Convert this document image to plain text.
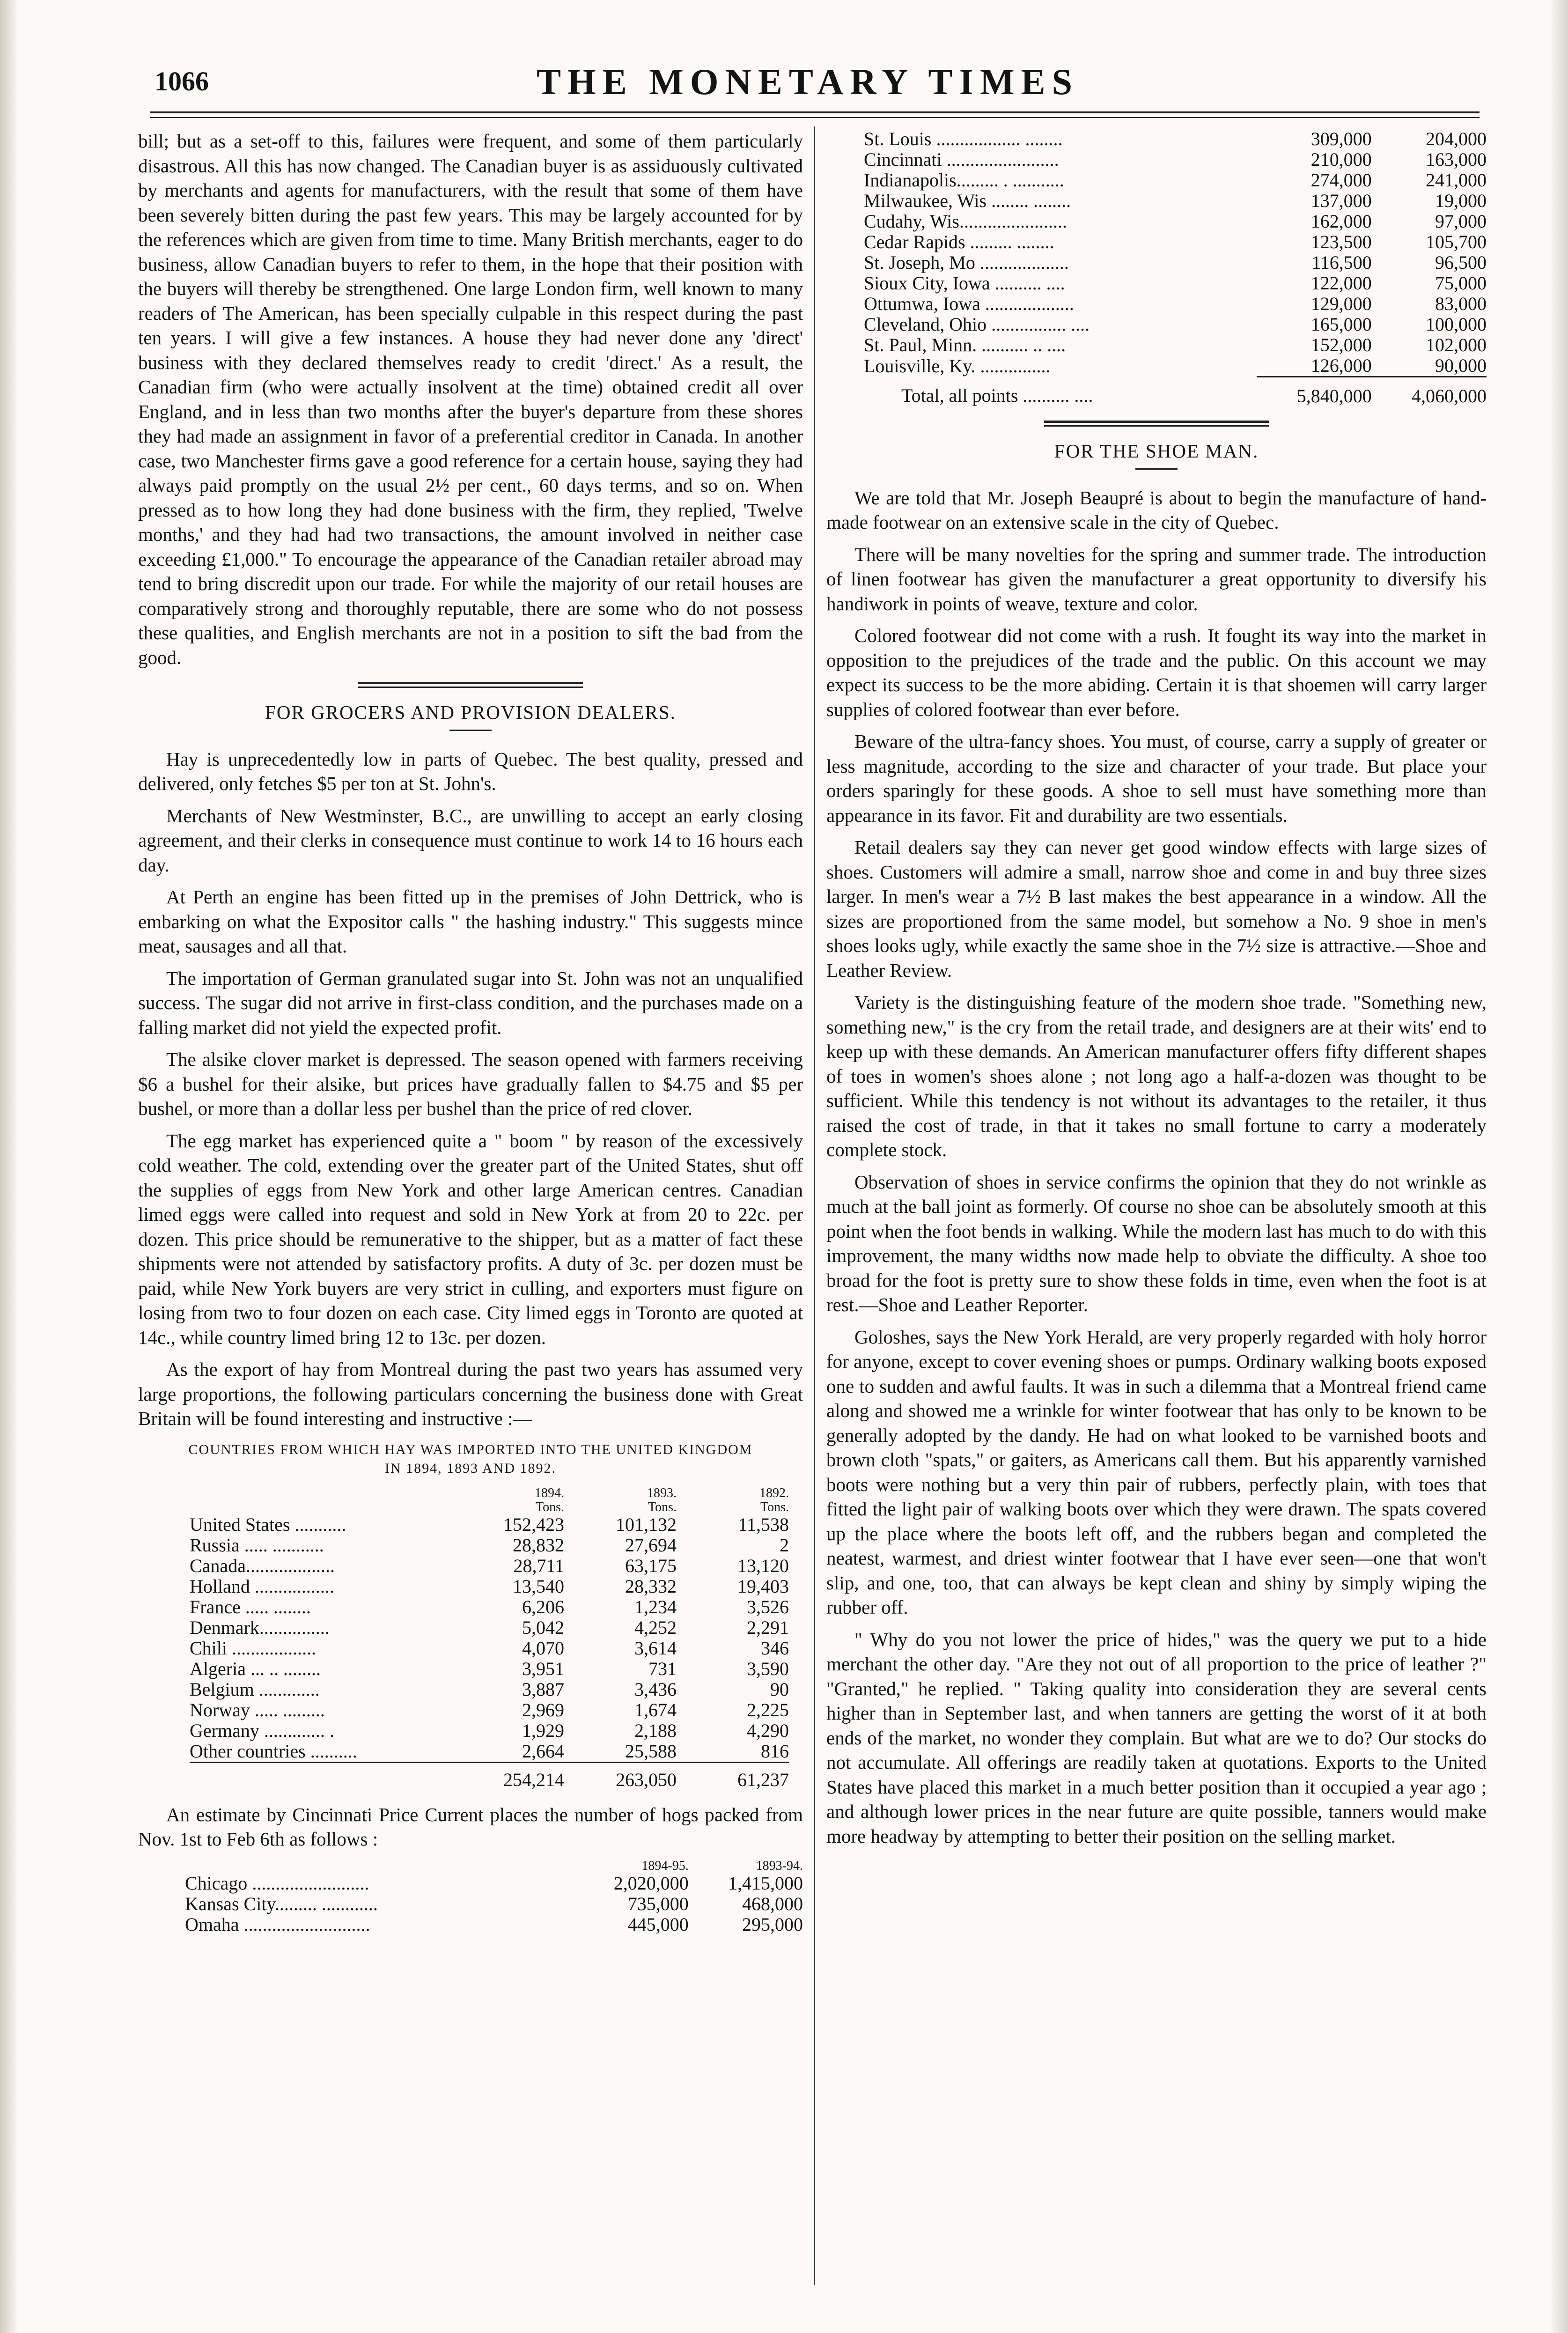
1066	THE MONETARY TIMES

bill; but as a set-off to this, failures were frequent, and some of them particularly disastrous. All this has now changed. The Canadian buyer is as assiduously cultivated by merchants and agents for manufacturers, with the result that some of them have been severely bitten during the past few years. This may be largely accounted for by the references which are given from time to time. Many British merchants, eager to do business, allow Canadian buyers to refer to them, in the hope that their position with the buyers will thereby be strengthened. One large London firm, well known to many readers of The American, has been specially culpable in this respect during the past ten years. I will give a few instances. A house they had never done any 'direct' business with they declared themselves ready to credit 'direct.' As a result, the Canadian firm (who were actually insolvent at the time) obtained credit all over England, and in less than two months after the buyer's departure from these shores they had made an assignment in favor of a preferential creditor in Canada. In another case, two Manchester firms gave a good reference for a certain house, saying they had always paid promptly on the usual 2½ per cent., 60 days terms, and so on. When pressed as to how long they had done business with the firm, they replied, 'Twelve months,' and they had had two transactions, the amount involved in neither case exceeding £1,000." To encourage the appearance of the Canadian retailer abroad may tend to bring discredit upon our trade. For while the majority of our retail houses are comparatively strong and thoroughly reputable, there are some who do not possess these qualities, and English merchants are not in a position to sift the bad from the good.

FOR GROCERS AND PROVISION DEALERS.

Hay is unprecedentedly low in parts of Quebec. The best quality, pressed and delivered, only fetches $5 per ton at St. John's.

Merchants of New Westminster, B.C., are unwilling to accept an early closing agreement, and their clerks in consequence must continue to work 14 to 16 hours each day.

At Perth an engine has been fitted up in the premises of John Dettrick, who is embarking on what the Expositor calls " the hashing industry." This suggests mince meat, sausages and all that.

The importation of German granulated sugar into St. John was not an unqualified success. The sugar did not arrive in first-class condition, and the purchases made on a falling market did not yield the expected profit.

The alsike clover market is depressed. The season opened with farmers receiving $6 a bushel for their alsike, but prices have gradually fallen to $4.75 and $5 per bushel, or more than a dollar less per bushel than the price of red clover.

The egg market has experienced quite a " boom " by reason of the excessively cold weather. The cold, extending over the greater part of the United States, shut off the supplies of eggs from New York and other large American centres. Canadian limed eggs were called into request and sold in New York at from 20 to 22c. per dozen. This price should be remunerative to the shipper, but as a matter of fact these shipments were not attended by satisfactory profits. A duty of 3c. per dozen must be paid, while New York buyers are very strict in culling, and exporters must figure on losing from two to four dozen on each case. City limed eggs in Toronto are quoted at 14c., while country limed bring 12 to 13c. per dozen.

As the export of hay from Montreal during the past two years has assumed very large proportions, the following particulars concerning the business done with Great Britain will be found interesting and instructive :—

COUNTRIES FROM WHICH HAY WAS IMPORTED INTO THE UNITED KINGDOM
IN 1894, 1893 AND 1892.
	1894.	1893.	1892.
	Tons.	Tons.	Tons.
United States ...........	152,423	101,132	11,538
Russia ..... ...........	28,832	27,694	2
Canada...................	28,711	63,175	13,120
Holland .................	13,540	28,332	19,403
France ..... ........	6,206	1,234	3,526
Denmark...............	5,042	4,252	2,291
Chili ..................	4,070	3,614	346
Algeria ... .. ........	3,951	731	3,590
Belgium .............	3,887	3,436	90
Norway ..... .........	2,969	1,674	2,225
Germany ............. .	1,929	2,188	4,290
Other countries ..........	2,664	25,588	816
	254,214	263,050	61,237

An estimate by Cincinnati Price Current places the number of hogs packed from Nov. 1st to Feb 6th as follows :

	1894-95.	1893-94.
Chicago .........................	2,020,000	1,415,000
Kansas City......... ............	735,000	468,000
Omaha ...........................	445,000	295,000
St. Louis .................. ........	309,000	204,000
Cincinnati ........................	210,000	163,000
Indianapolis......... . ...........	274,000	241,000
Milwaukee, Wis ........ ........	137,000	19,000
Cudahy, Wis.......................	162,000	97,000
Cedar Rapids ......... ........	123,500	105,700
St. Joseph, Mo ...................	116,500	96,500
Sioux City, Iowa .......... ....	122,000	75,000
Ottumwa, Iowa ...................	129,000	83,000
Cleveland, Ohio ................ ....	165,000	100,000
St. Paul, Minn. .......... .. ....	152,000	102,000
Louisville, Ky. ...............	126,000	90,000
Total, all points .......... ....	5,840,000	4,060,000
FOR THE SHOE MAN.

We are told that Mr. Joseph Beaupré is about to begin the manufacture of hand-made footwear on an extensive scale in the city of Quebec.

There will be many novelties for the spring and summer trade. The introduction of linen footwear has given the manufacturer a great opportunity to diversify his handiwork in points of weave, texture and color.

Colored footwear did not come with a rush. It fought its way into the market in opposition to the prejudices of the trade and the public. On this account we may expect its success to be the more abiding. Certain it is that shoemen will carry larger supplies of colored footwear than ever before.

Beware of the ultra-fancy shoes. You must, of course, carry a supply of greater or less magnitude, according to the size and character of your trade. But place your orders sparingly for these goods. A shoe to sell must have something more than appearance in its favor. Fit and durability are two essentials.

Retail dealers say they can never get good window effects with large sizes of shoes. Customers will admire a small, narrow shoe and come in and buy three sizes larger. In men's wear a 7½ B last makes the best appearance in a window. All the sizes are proportioned from the same model, but somehow a No. 9 shoe in men's shoes looks ugly, while exactly the same shoe in the 7½ size is attractive.—Shoe and Leather Review.

Variety is the distinguishing feature of the modern shoe trade. "Something new, something new," is the cry from the retail trade, and designers are at their wits' end to keep up with these demands. An American manufacturer offers fifty different shapes of toes in women's shoes alone ; not long ago a half-a-dozen was thought to be sufficient. While this tendency is not without its advantages to the retailer, it thus raised the cost of trade, in that it takes no small fortune to carry a moderately complete stock.

Observation of shoes in service confirms the opinion that they do not wrinkle as much at the ball joint as formerly. Of course no shoe can be absolutely smooth at this point when the foot bends in walking. While the modern last has much to do with this improvement, the many widths now made help to obviate the difficulty. A shoe too broad for the foot is pretty sure to show these folds in time, even when the foot is at rest.—Shoe and Leather Reporter.

Goloshes, says the New York Herald, are very properly regarded with holy horror for anyone, except to cover evening shoes or pumps. Ordinary walking boots exposed one to sudden and awful faults. It was in such a dilemma that a Montreal friend came along and showed me a wrinkle for winter footwear that has only to be known to be generally adopted by the dandy. He had on what looked to be varnished boots and brown cloth "spats," or gaiters, as Americans call them. But his apparently varnished boots were nothing but a very thin pair of rubbers, perfectly plain, with toes that fitted the light pair of walking boots over which they were drawn. The spats covered up the place where the boots left off, and the rubbers began and completed the neatest, warmest, and driest winter footwear that I have ever seen—one that won't slip, and one, too, that can always be kept clean and shiny by simply wiping the rubber off.

" Why do you not lower the price of hides," was the query we put to a hide merchant the other day. "Are they not out of all proportion to the price of leather ?" "Granted," he replied. " Taking quality into consideration they are several cents higher than in September last, and when tanners are getting the worst of it at both ends of the market, no wonder they complain. But what are we to do? Our stocks do not accumulate. All offerings are readily taken at quotations. Exports to the United States have placed this market in a much better position than it occupied a year ago ; and although lower prices in the near future are quite possible, tanners would make more headway by attempting to better their position on the selling market.
